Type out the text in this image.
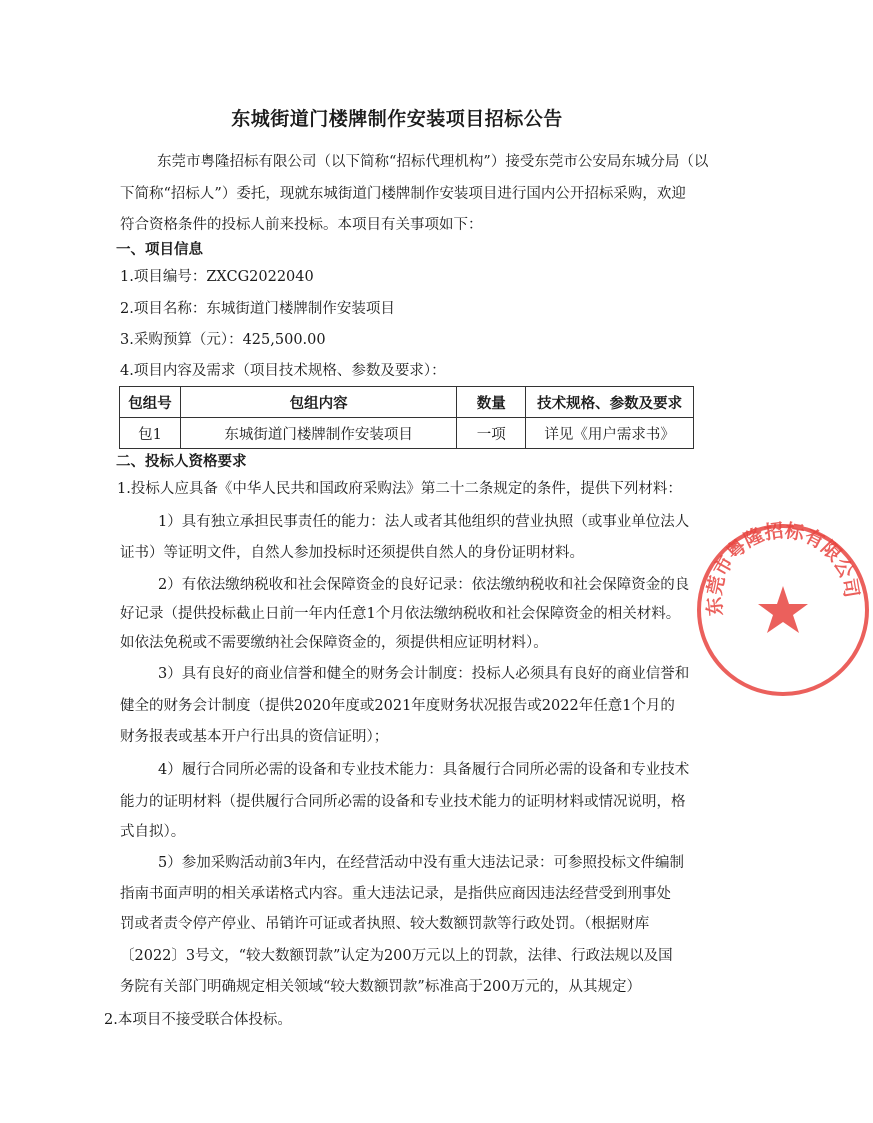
东城街道门楼牌制作安装项目招标公告
东莞市粤隆招标有限公司（以下简称“招标代理机构”）接受东莞市公安局东城分局（以
下简称“招标人”）委托，现就东城街道门楼牌制作安装项目进行国内公开招标采购，欢迎
符合资格条件的投标人前来投标。本项目有关事项如下：
一、项目信息
1.项目编号：ZXCG2022040
2.项目名称：东城街道门楼牌制作安装项目
3.采购预算（元）：425,500.00
4.项目内容及需求（项目技术规格、参数及要求）：
包组号	包组内容	数量	技术规格、参数及要求
包1	东城街道门楼牌制作安装项目	一项	详见《用户需求书》
二、投标人资格要求
1.投标人应具备《中华人民共和国政府采购法》第二十二条规定的条件，提供下列材料：
1）具有独立承担民事责任的能力：法人或者其他组织的营业执照（或事业单位法人
证书）等证明文件，自然人参加投标时还须提供自然人的身份证明材料。
2）有依法缴纳税收和社会保障资金的良好记录：依法缴纳税收和社会保障资金的良
好记录（提供投标截止日前一年内任意1个月依法缴纳税收和社会保障资金的相关材料。
如依法免税或不需要缴纳社会保障资金的，须提供相应证明材料）。
3）具有良好的商业信誉和健全的财务会计制度：投标人必须具有良好的商业信誉和
健全的财务会计制度（提供2020年度或2021年度财务状况报告或2022年任意1个月的
财务报表或基本开户行出具的资信证明）；
4）履行合同所必需的设备和专业技术能力：具备履行合同所必需的设备和专业技术
能力的证明材料（提供履行合同所必需的设备和专业技术能力的证明材料或情况说明，格
式自拟）。
5）参加采购活动前3年内，在经营活动中没有重大违法记录：可参照投标文件编制
指南书面声明的相关承诺格式内容。重大违法记录，是指供应商因违法经营受到刑事处
罚或者责令停产停业、吊销许可证或者执照、较大数额罚款等行政处罚。（根据财库
〔2022〕3号文，“较大数额罚款”认定为200万元以上的罚款，法律、行政法规以及国
务院有关部门明确规定相关领域“较大数额罚款”标准高于200万元的，从其规定）
2.本项目不接受联合体投标。
东莞市粤隆招标有限公司
